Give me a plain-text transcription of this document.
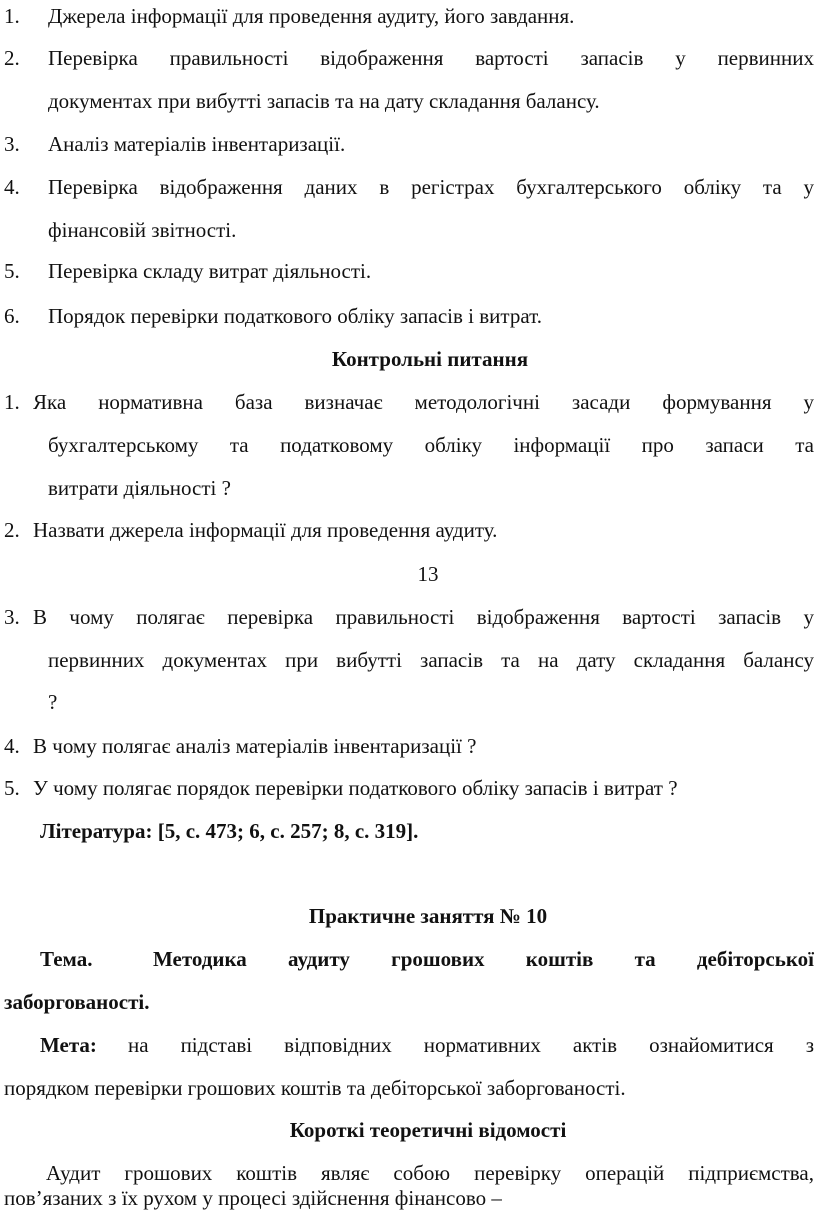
1. Джерела інформації для проведення аудиту, його завдання.
2. Перевірка правильності відображення вартості запасів у первинних
документах при вибутті запасів та на дату складання балансу.
3. Аналіз матеріалів інвентаризації.
4. Перевірка відображення даних в регістрах бухгалтерського обліку та у
фінансовій звітності.
5. Перевірка складу витрат діяльності.
6. Порядок перевірки податкового обліку запасів і витрат.
Контрольні питання
1. Яка нормативна база визначає методологічні засади формування у
бухгалтерському та податковому обліку інформації про запаси та
витрати діяльності ?
2. Назвати джерела інформації для проведення аудиту.
13
3. В чому полягає перевірка правильності відображення вартості запасів у
первинних документах при вибутті запасів та на дату складання балансу
?
4. В чому полягає аналіз матеріалів інвентаризації ?
5. У чому полягає порядок перевірки податкового обліку запасів і витрат ?
Література: [5, с. 473; 6, с. 257; 8, с. 319].
Практичне заняття № 10
Тема.	Методика аудиту грошових коштів та дебіторської
заборгованості.
Мета: на підставі відповідних нормативних актів ознайомитися з
порядком перевірки грошових коштів та дебіторської заборгованості.
Короткі теоретичні відомості
Аудит грошових коштів являє собою перевірку операцій підприємства,
пов’язаних з їх рухом у процесі здійснення фінансово –
